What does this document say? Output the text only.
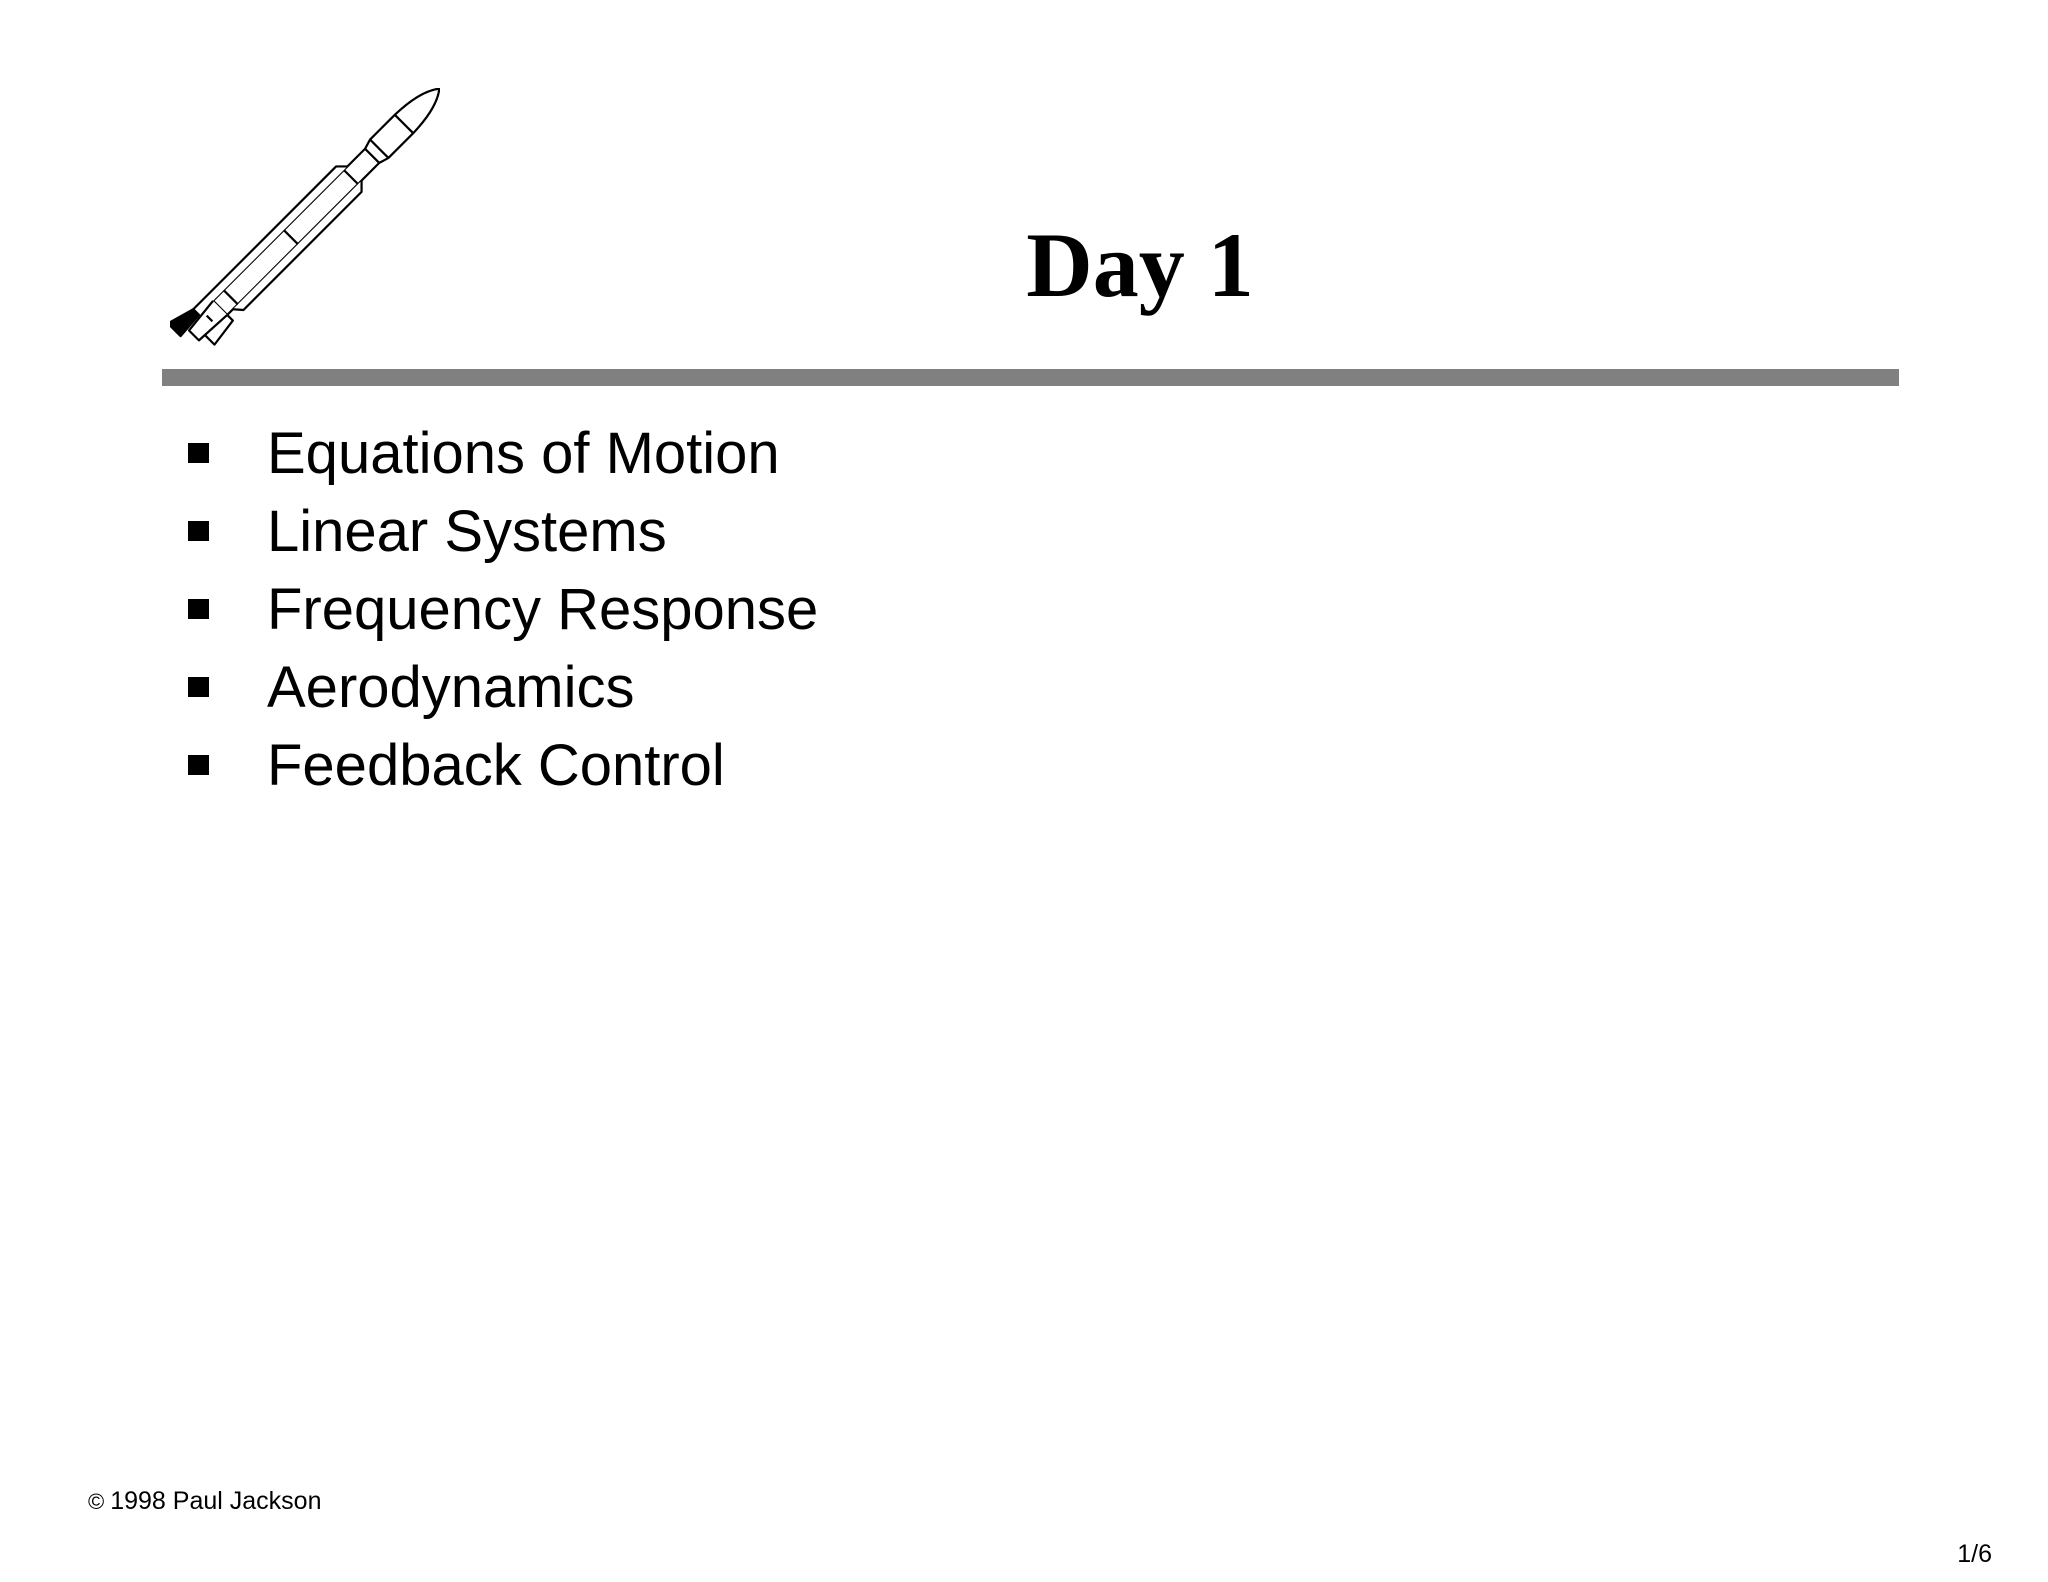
Day 1
Equations of Motion
Linear Systems
Frequency Response
Aerodynamics
Feedback Control
© 1998 Paul Jackson
1/6
